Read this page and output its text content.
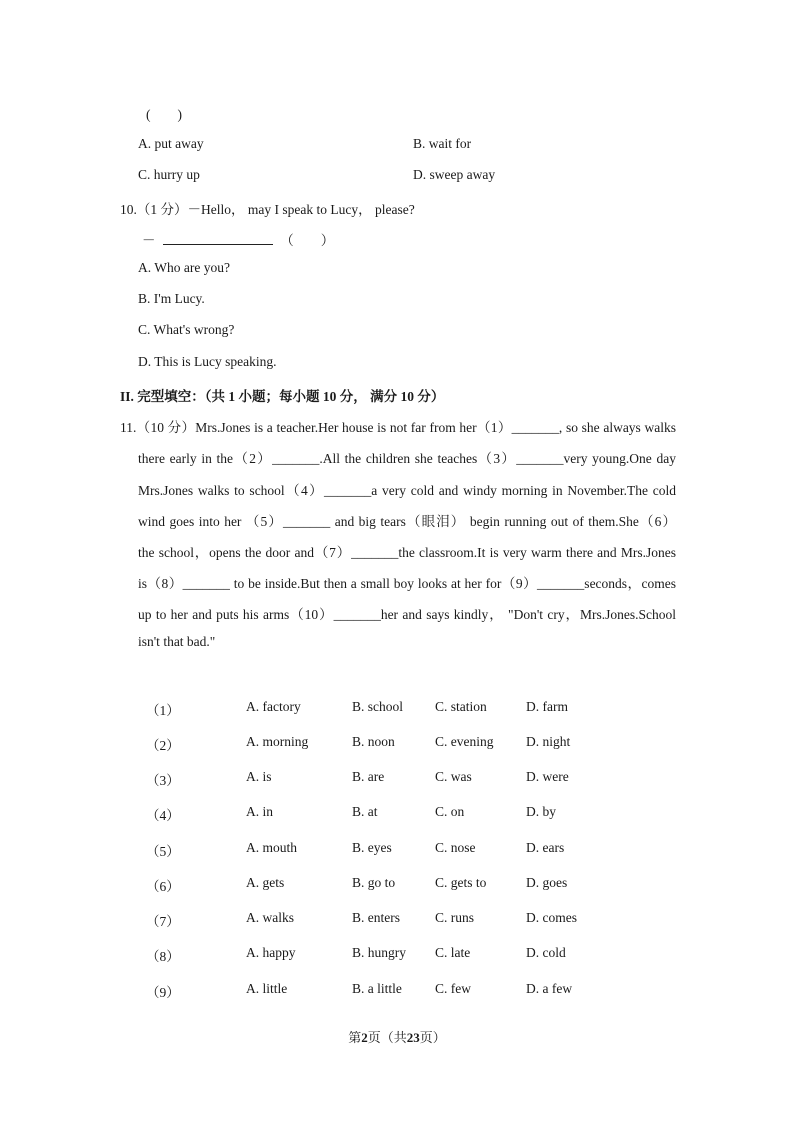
(　　)
A. put away	B. wait for
C. hurry up	D. sweep away
10.（1 分）－Hello， may I speak to Lucy， please?
－	（　　）
A. Who are you?
B. I'm Lucy.
C. What's wrong?
D. This is Lucy speaking.
II. 完型填空：（共 1 小题；每小题 10 分， 满分 10 分）
11.（10 分）Mrs.Jones is a teacher.Her house is not far from her（1）_______, so she always walks
there early in the（2）_______.All the children she teaches（3）_______very young.One day
Mrs.Jones walks to school（4）_______a very cold and windy morning in November.The cold
wind goes into her （5）_______ and big tears（眼泪） begin running out of them.She（6）
the school，opens the door and（7）_______the classroom.It is very warm there and Mrs.Jones
is（8）_______ to be inside.But then a small boy looks at her for（9）_______seconds，comes
up to her and puts his arms（10）_______her and says kindly， "Don't cry，Mrs.Jones.School
isn't that bad."
（1）	A. factory	B. school C. station	D. farm
（2）	A. morning	B. noon	C. evening D. night
（3）	A. is	B. are	C. was	D. were
（4）	A. in	B. at	C. on	D. by
（5）	A. mouth	B. eyes	C. nose	D. ears
（6）	A. gets	B. go to	C. gets to	D. goes
（7）	A. walks	B. enters	C. runs	D. comes
（8）	A. happy	B. hungry C. late	D. cold
（9）	A. little	B. a little C. few	D. a few
第2页（共23页）
